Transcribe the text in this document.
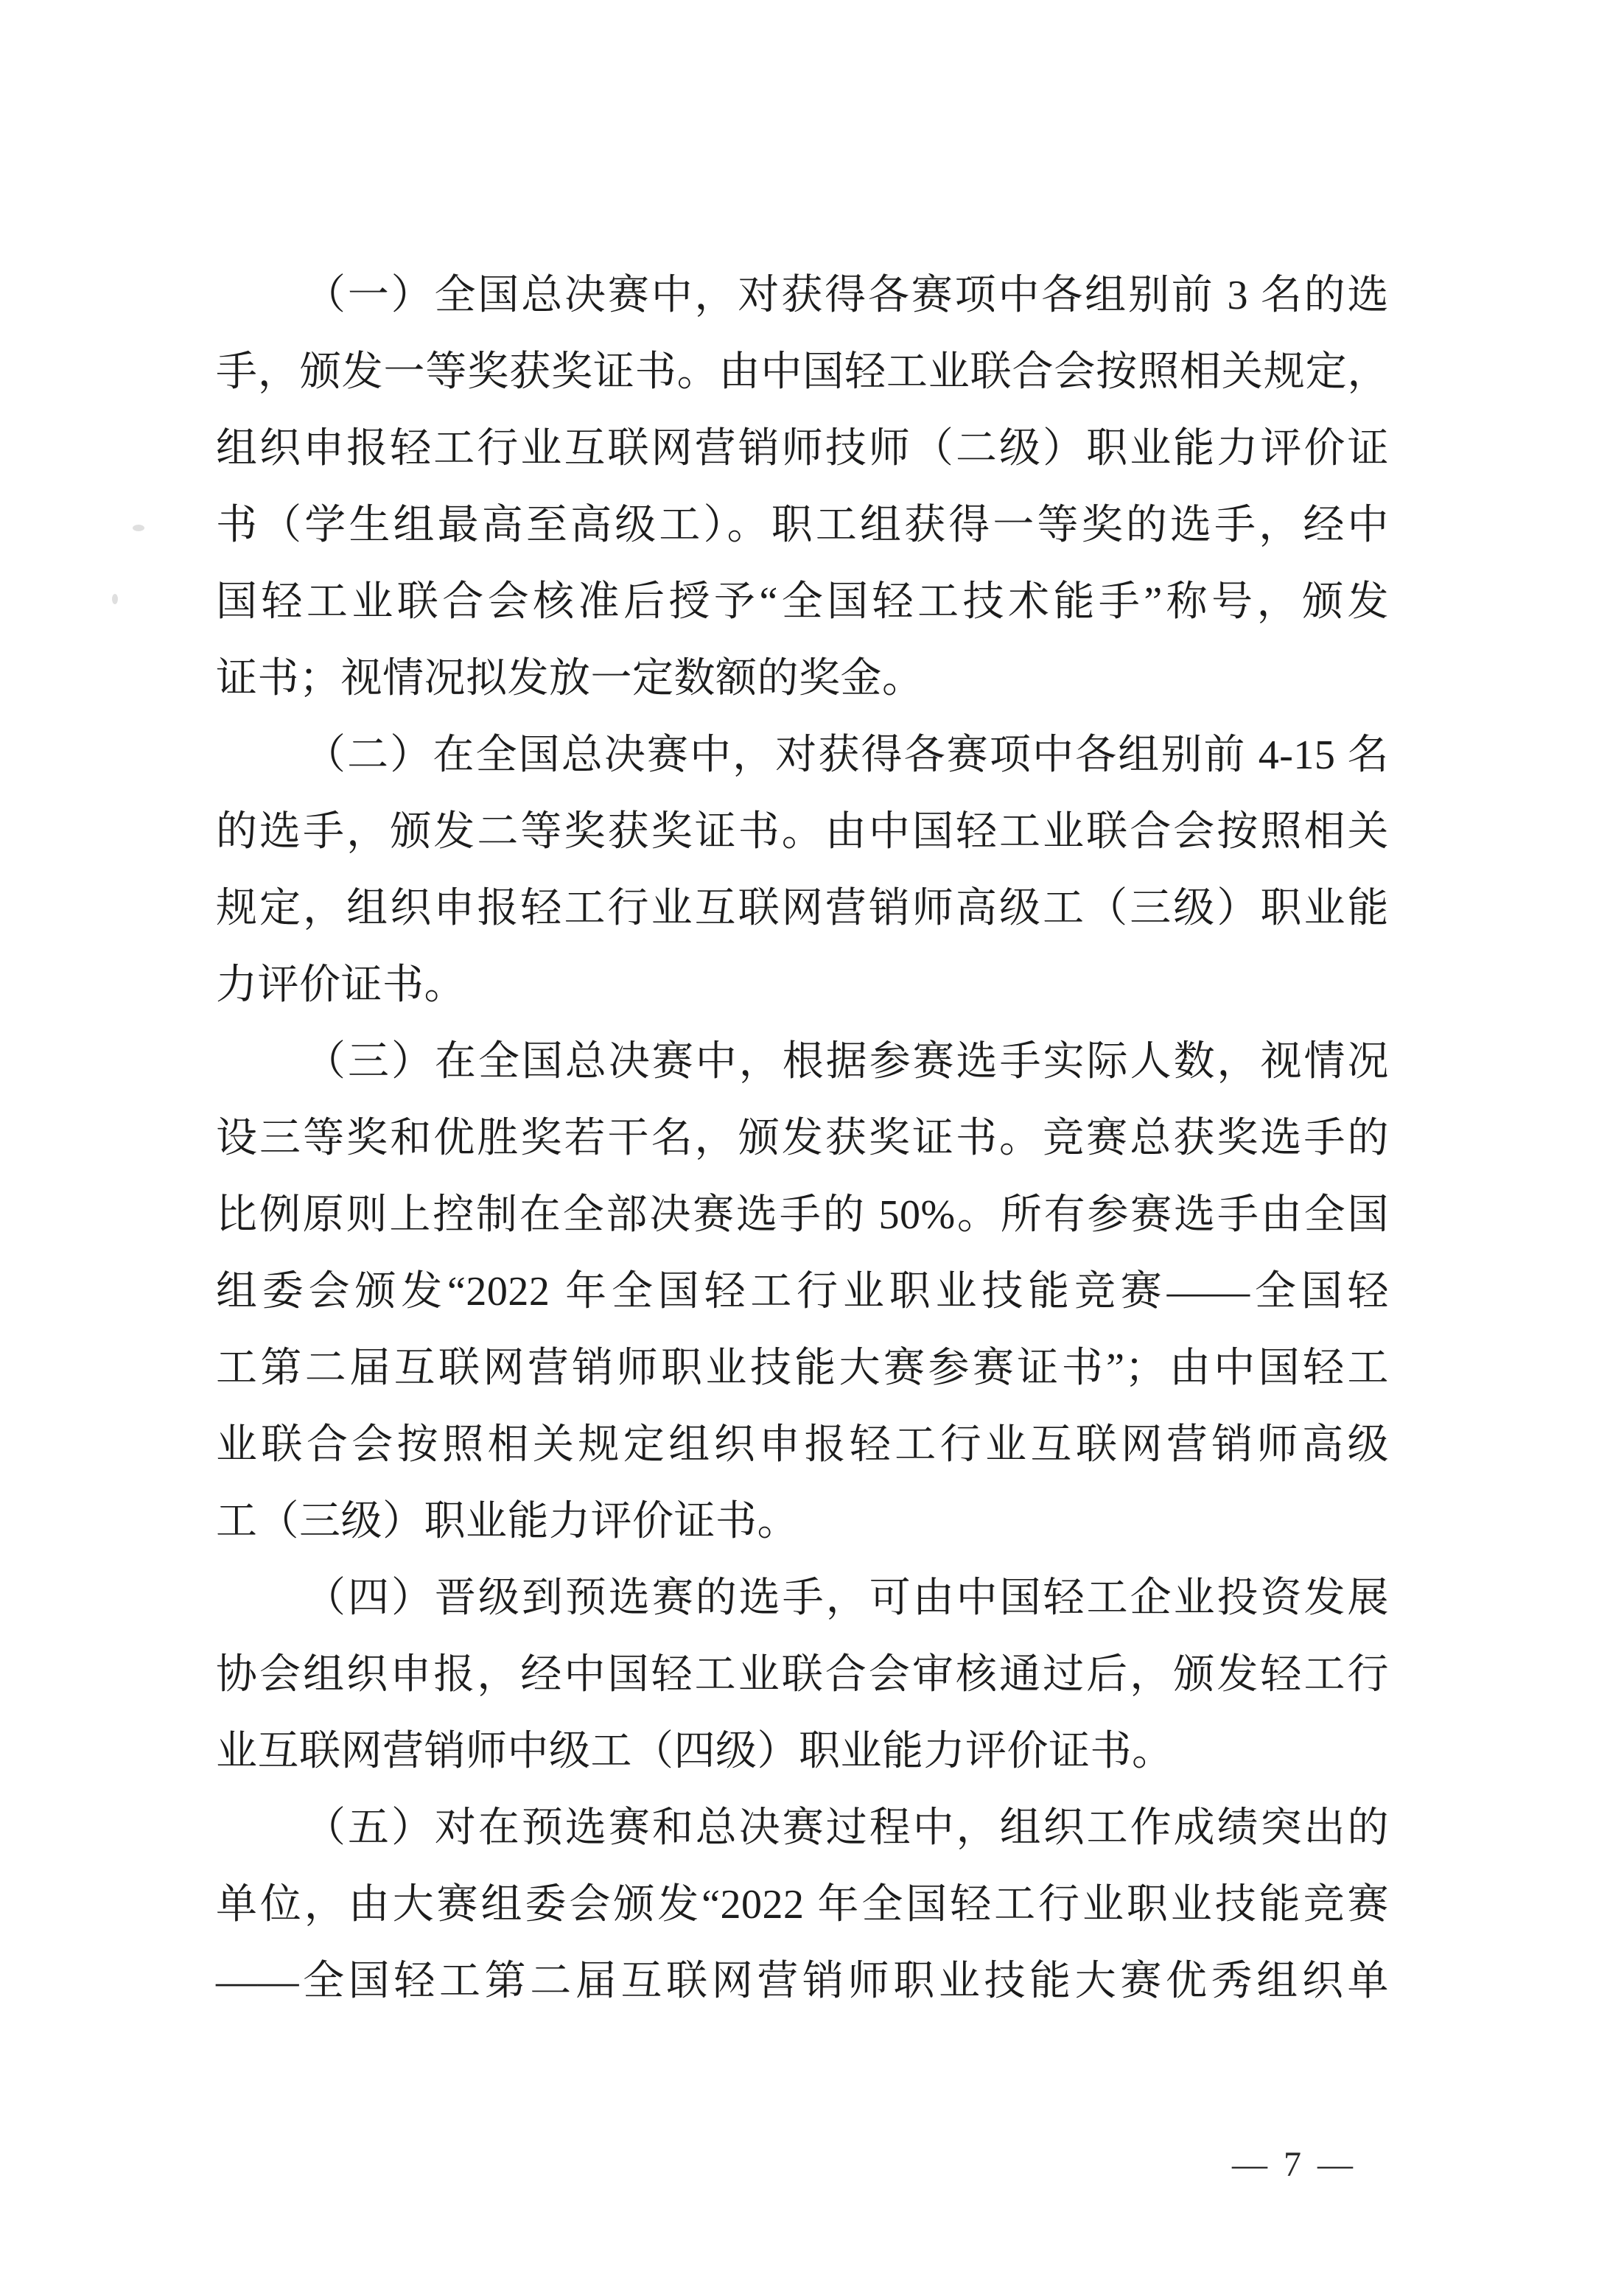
（一）全国总决赛中，对获得各赛项中各组别前 3 名的选
手，颁发一等奖获奖证书。由中国轻工业联合会按照相关规定，
组织申报轻工行业互联网营销师技师（二级）职业能力评价证
书（学生组最高至高级工）。职工组获得一等奖的选手，经中
国轻工业联合会核准后授予“全国轻工技术能手”称号，颁发
证书；视情况拟发放一定数额的奖金。
（二）在全国总决赛中，对获得各赛项中各组别前 4-15 名
的选手，颁发二等奖获奖证书。由中国轻工业联合会按照相关
规定，组织申报轻工行业互联网营销师高级工（三级）职业能
力评价证书。
（三）在全国总决赛中，根据参赛选手实际人数，视情况
设三等奖和优胜奖若干名，颁发获奖证书。竞赛总获奖选手的
比例原则上控制在全部决赛选手的 50%。所有参赛选手由全国
组委会颁发“2022 年全国轻工行业职业技能竞赛——全国轻
工第二届互联网营销师职业技能大赛参赛证书”；由中国轻工
业联合会按照相关规定组织申报轻工行业互联网营销师高级
工（三级）职业能力评价证书。
（四）晋级到预选赛的选手，可由中国轻工企业投资发展
协会组织申报，经中国轻工业联合会审核通过后，颁发轻工行
业互联网营销师中级工（四级）职业能力评价证书。
（五）对在预选赛和总决赛过程中，组织工作成绩突出的
单位，由大赛组委会颁发“2022 年全国轻工行业职业技能竞赛
——全国轻工第二届互联网营销师职业技能大赛优秀组织单
— 7 —
